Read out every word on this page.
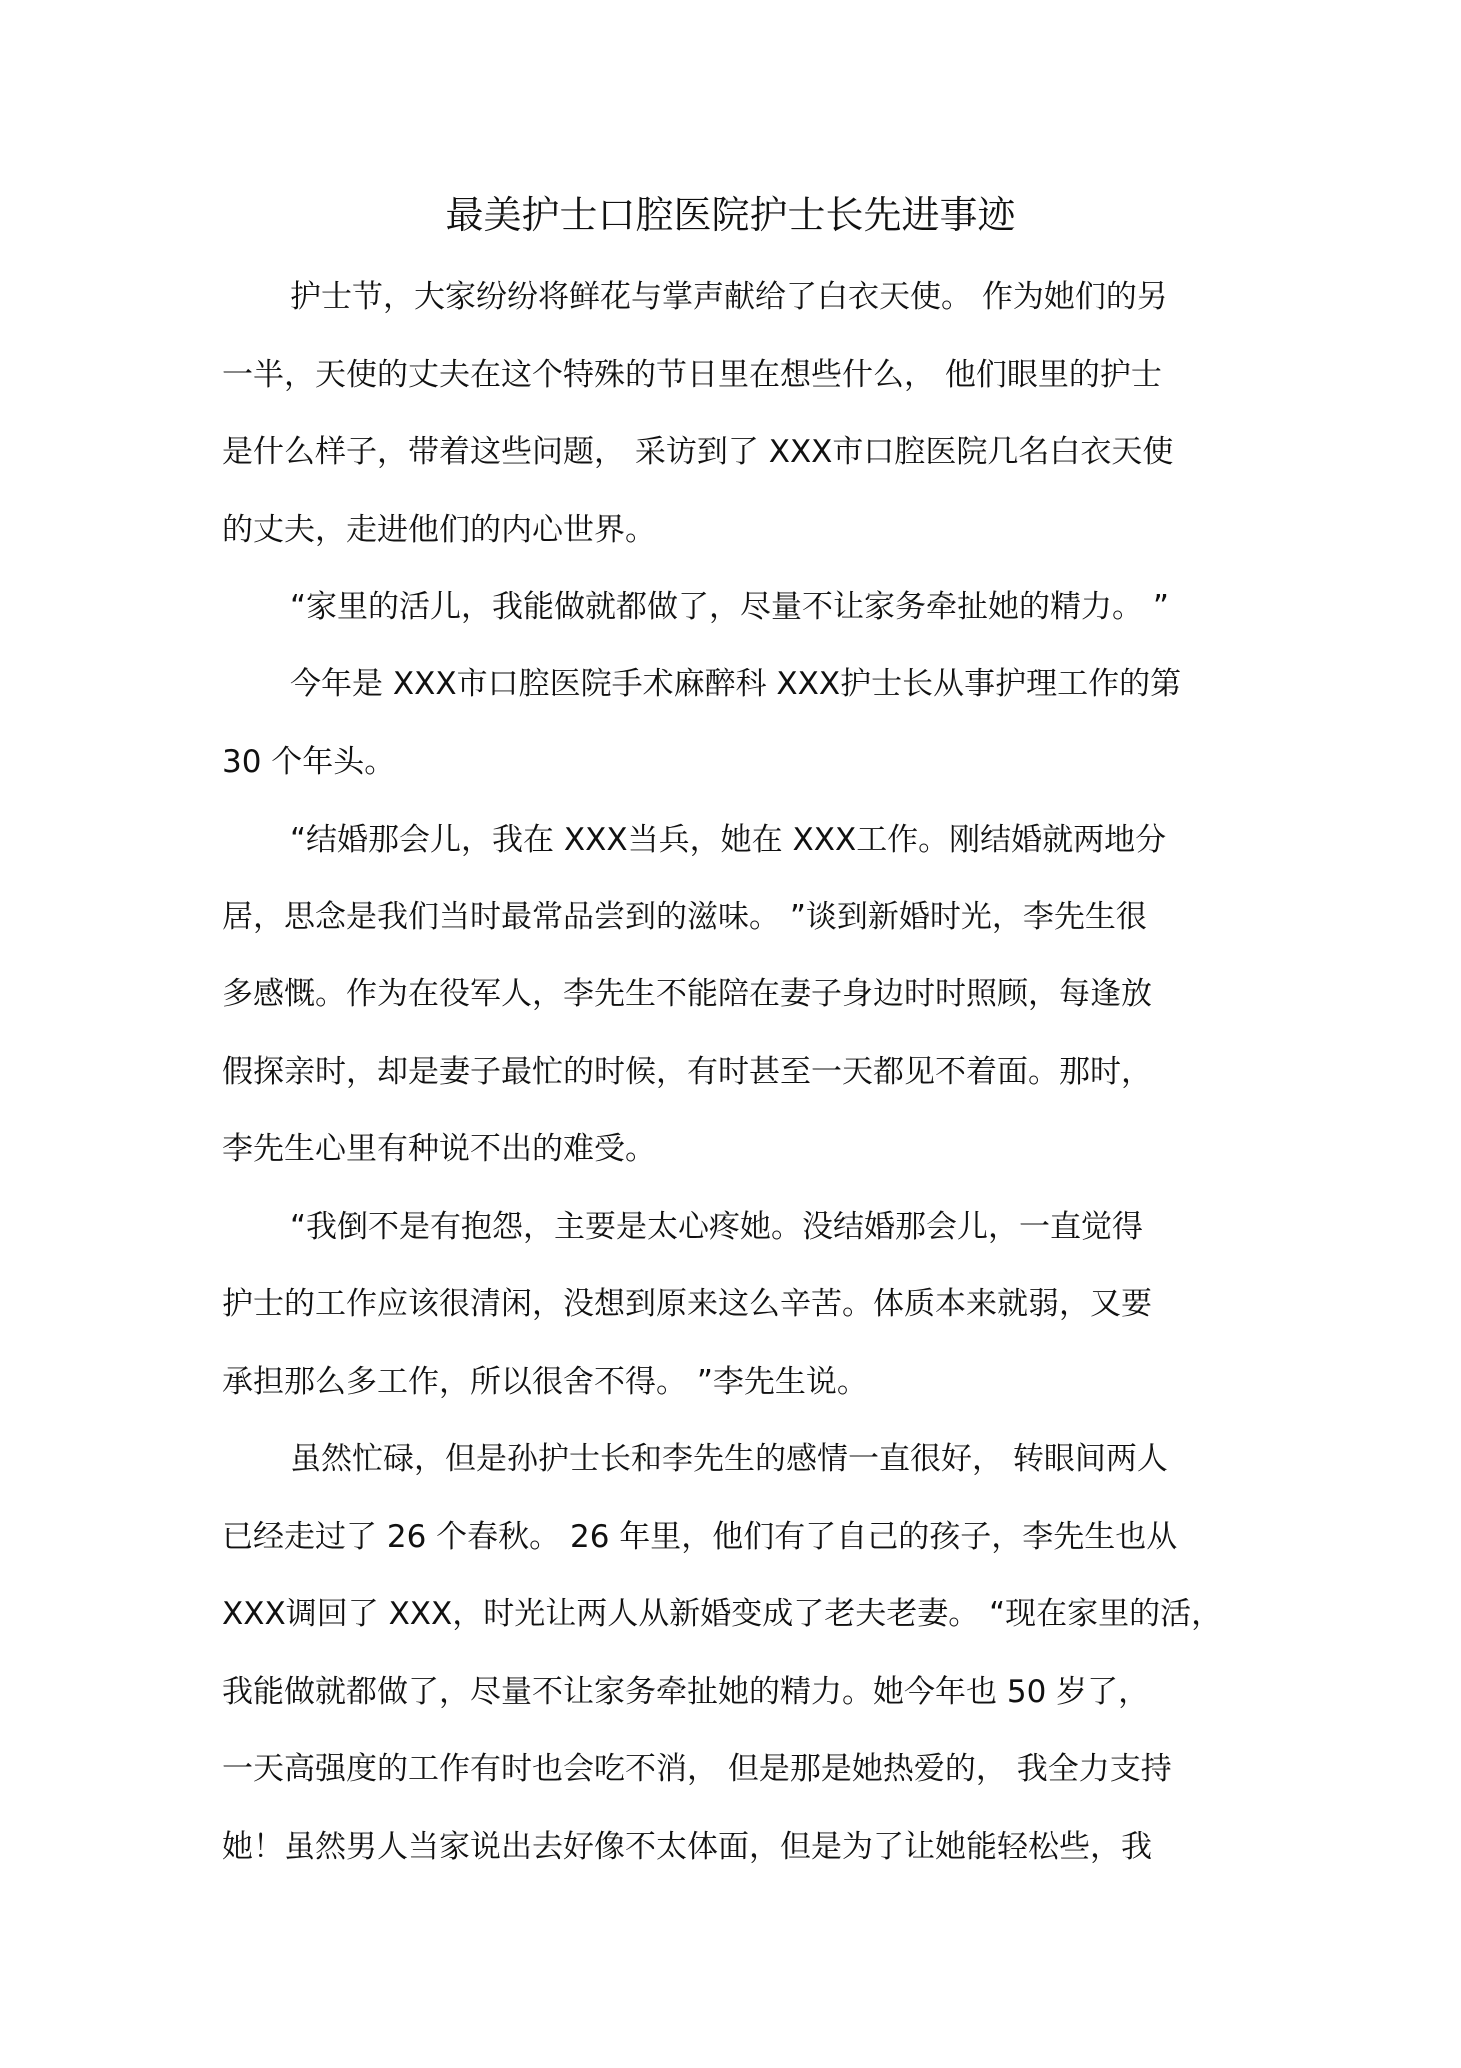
最美护士口腔医院护士长先进事迹

护士节，大家纷纷将鲜花与掌声献给了白衣天使。 作为她们的另

一半，天使的丈夫在这个特殊的节日里在想些什么， 他们眼里的护士

是什么样子，带着这些问题， 采访到了 XXX市口腔医院几名白衣天使

的丈夫，走进他们的内心世界。

“家里的活儿，我能做就都做了，尽量不让家务牵扯她的精力。 ”

今年是 XXX市口腔医院手术麻醉科 XXX护士长从事护理工作的第

30 个年头。

“结婚那会儿，我在 XXX当兵，她在 XXX工作。刚结婚就两地分

居，思念是我们当时最常品尝到的滋味。 ”谈到新婚时光，李先生很

多感慨。作为在役军人，李先生不能陪在妻子身边时时照顾，每逢放

假探亲时，却是妻子最忙的时候，有时甚至一天都见不着面。那时，

李先生心里有种说不出的难受。

“我倒不是有抱怨，主要是太心疼她。没结婚那会儿，一直觉得

护士的工作应该很清闲，没想到原来这么辛苦。体质本来就弱，又要

承担那么多工作，所以很舍不得。 ”李先生说。

虽然忙碌，但是孙护士长和李先生的感情一直很好， 转眼间两人

已经走过了 26 个春秋。 26 年里，他们有了自己的孩子，李先生也从

XXX调回了 XXX，时光让两人从新婚变成了老夫老妻。 “现在家里的活，

我能做就都做了，尽量不让家务牵扯她的精力。她今年也 50 岁了，

一天高强度的工作有时也会吃不消， 但是那是她热爱的， 我全力支持

她！虽然男人当家说出去好像不太体面，但是为了让她能轻松些，我
